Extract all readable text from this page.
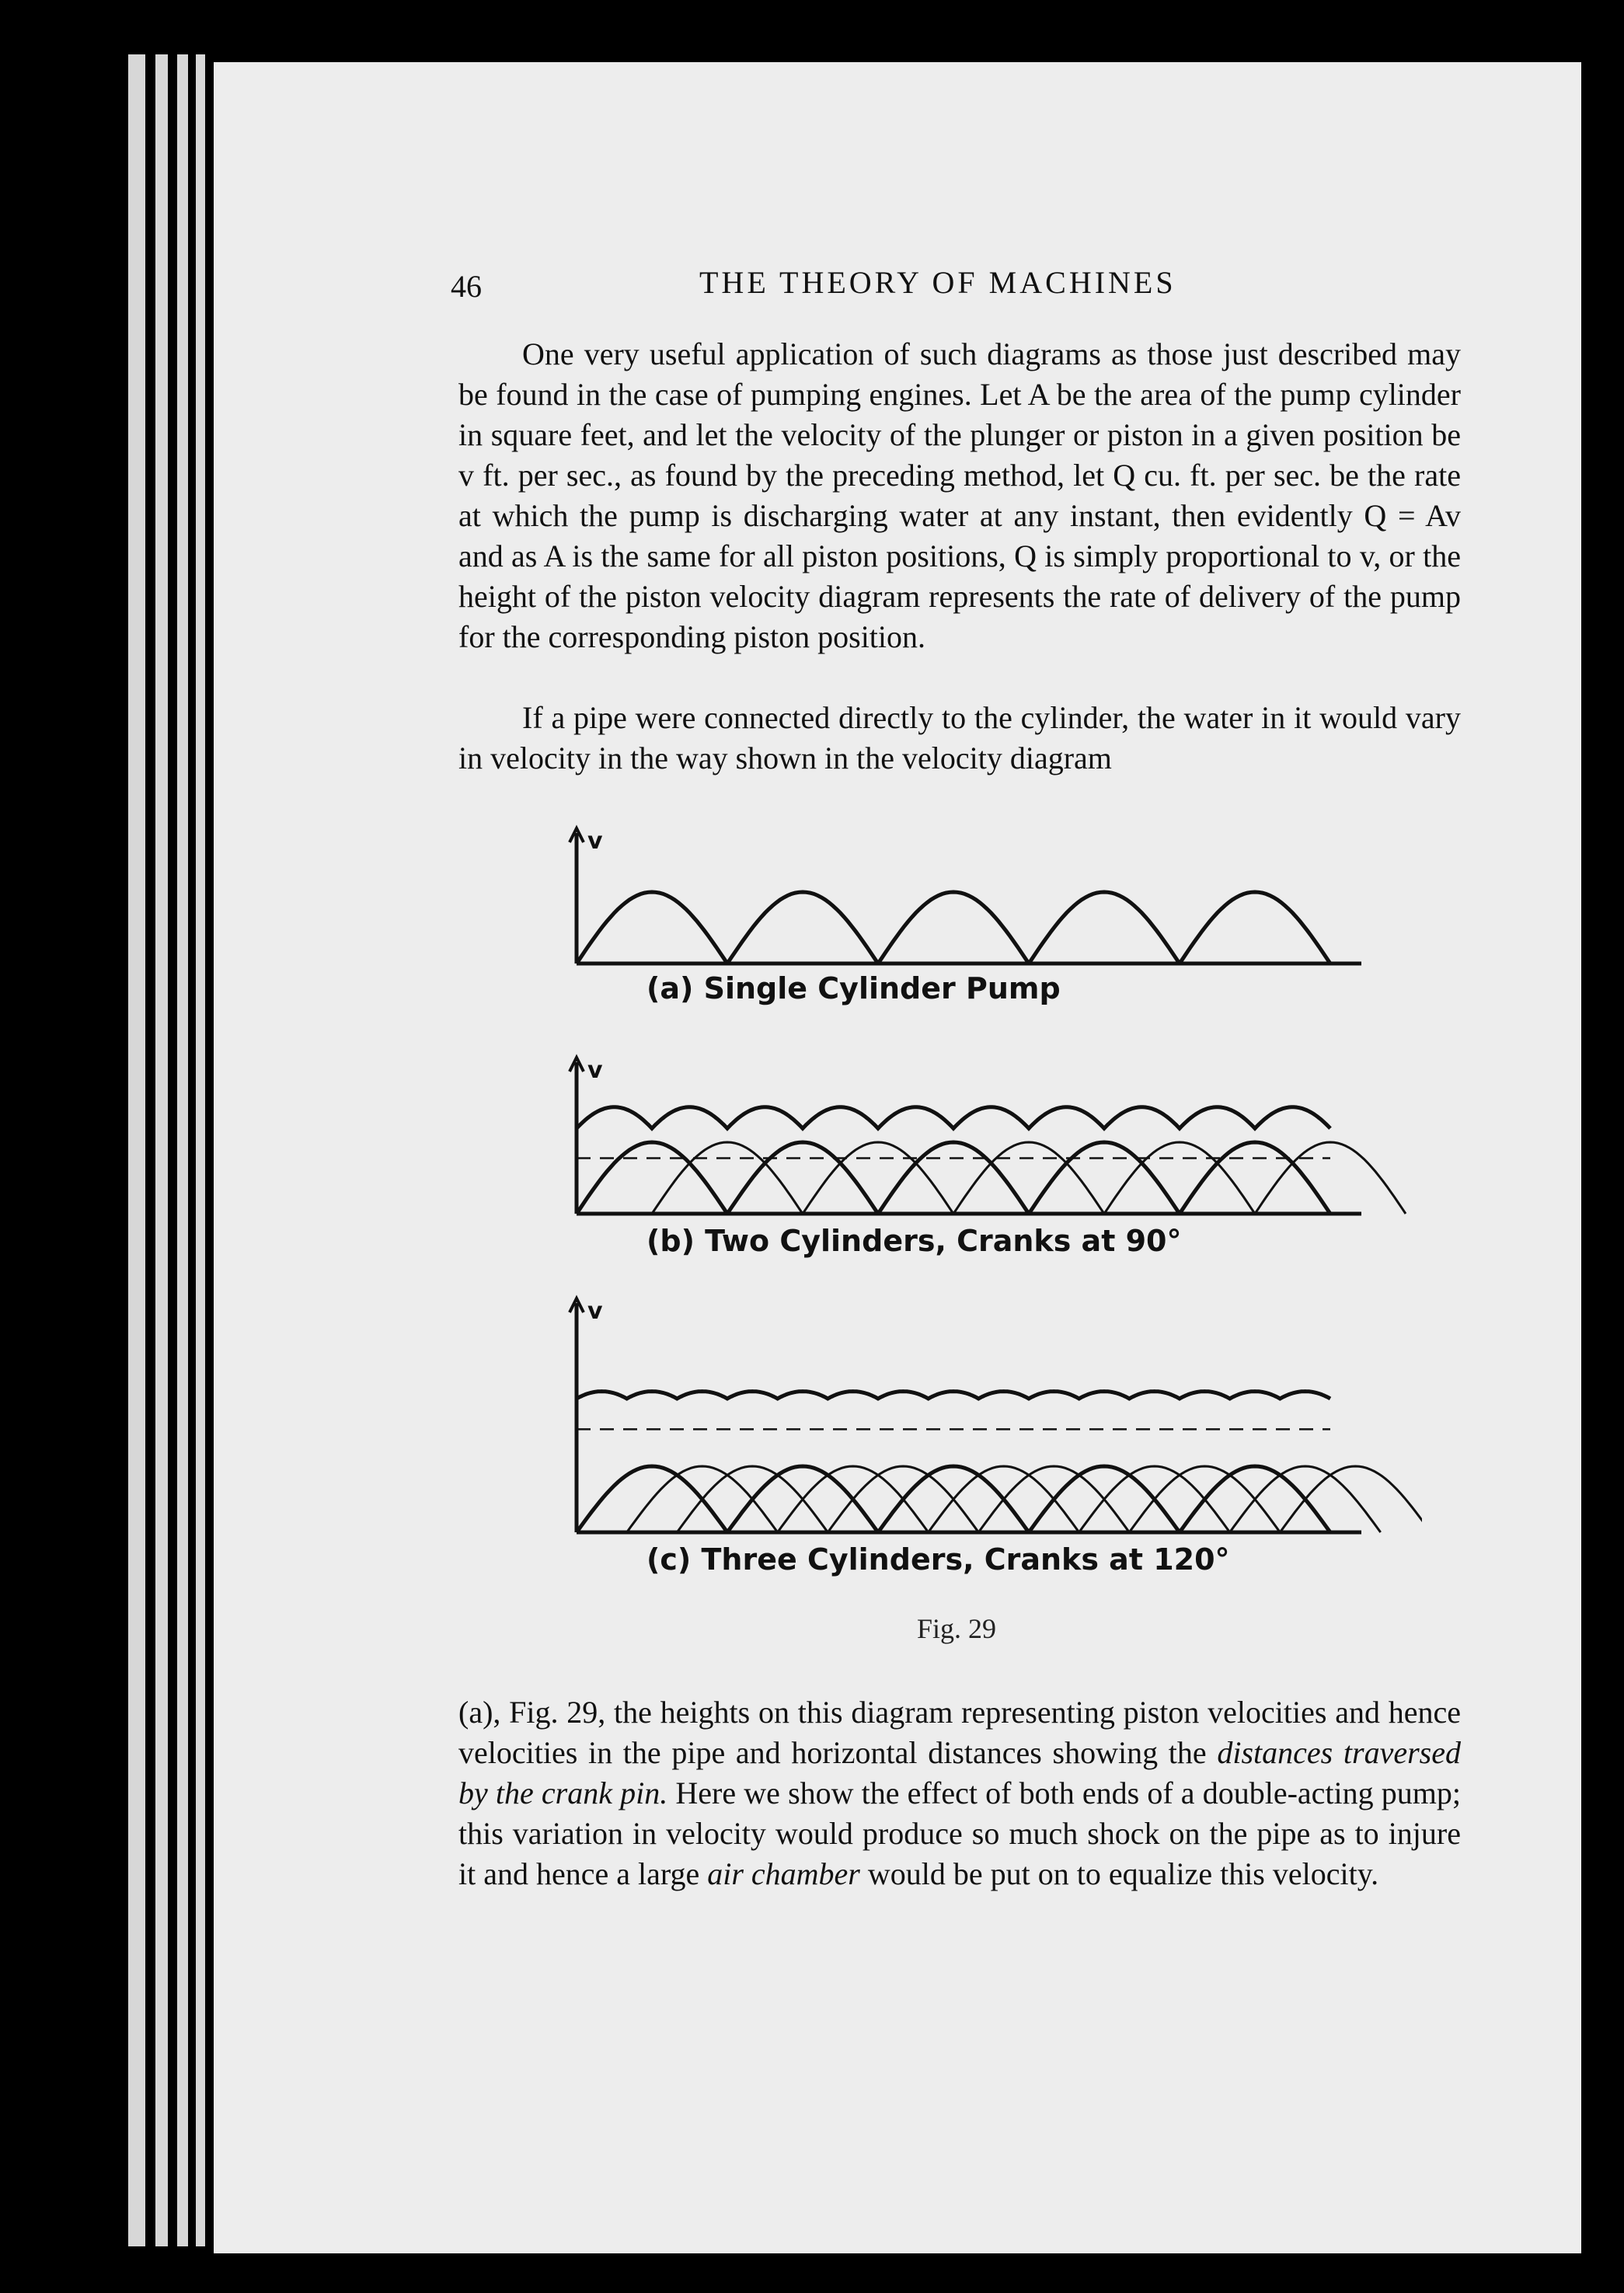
46	THE THEORY OF MACHINES

One very useful application of such diagrams as those just described may be found in the case of pumping engines. Let A be the area of the pump cylinder in square feet, and let the velocity of the plunger or piston in a given position be v ft. per sec., as found by the preceding method, let Q cu. ft. per sec. be the rate at which the pump is discharging water at any instant, then evidently Q = Av and as A is the same for all piston positions, Q is simply proportional to v, or the height of the piston velocity diagram represents the rate of delivery of the pump for the corresponding piston position.

If a pipe were connected directly to the cylinder, the water in it would vary in velocity in the way shown in the velocity diagram

v
(a) Single Cylinder Pump
v
(b) Two Cylinders, Cranks at 90°
v
(c) Three Cylinders, Cranks at 120°
Fig. 29

(a), Fig. 29, the heights on this diagram representing piston velocities and hence velocities in the pipe and horizontal distances showing the distances traversed by the crank pin. Here we show the effect of both ends of a double-acting pump; this variation in velocity would produce so much shock on the pipe as to injure it and hence a large air chamber would be put on to equalize this velocity.
